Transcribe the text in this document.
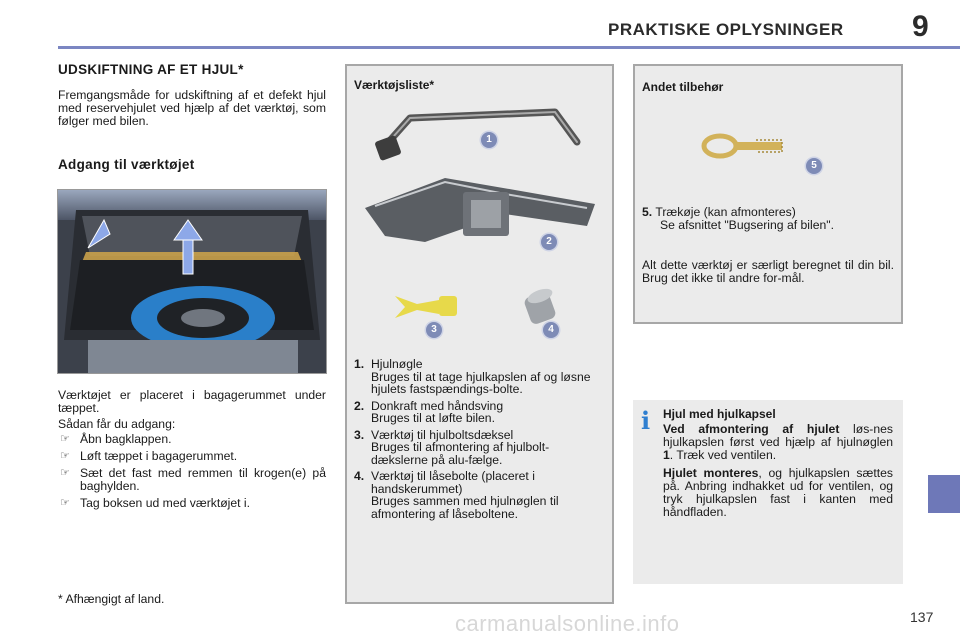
PRAKTISKE OPLYSNINGER 9
UDSKIFTNING AF ET HJUL*
Fremgangsmåde for udskiftning af et defekt hjul med reservehjulet ved hjælp af det værktøj, som følger med bilen.
Adgang til værktøjet
Værktøjet er placeret i bagagerummet under tæppet.
Sådan får du adgang:
☞ Åbn bagklappen.
☞ Løft tæppet i bagagerummet.
☞ Sæt det fast med remmen til krogen(e) på baghylden.
☞ Tag boksen ud med værktøjet i.
* Afhængigt af land.
Værktøjsliste*
1
2
3	4
1. Hjulnøgle
Bruges til at tage hjulkapslen af og løsne hjulets fastspændings-bolte.
2. Donkraft med håndsving
Bruges til at løfte bilen.
3. Værktøj til hjulboltsdæksel
Bruges til afmontering af hjulbolt-dækslerne på alu-fælge.
4. Værktøj til låsebolte (placeret i handskerummet)
Bruges sammen med hjulnøglen til afmontering af låseboltene.
Andet tilbehør
5
5. Trækøje (kan afmonteres)
Se afsnittet "Bugsering af bilen".
Alt dette værktøj er særligt beregnet til din bil. Brug det ikke til andre for-mål.
i	Hjul med hjulkapsel
Ved afmontering af hjulet løs-nes hjulkapslen først ved hjælp af hjulnøglen 1. Træk ved ventilen.
Hjulet monteres, og hjulkapslen sættes på. Anbring indhakket ud for ventilen, og tryk hjulkapslen fast i kanten med håndfladen.
carmanualsonline.info	137
